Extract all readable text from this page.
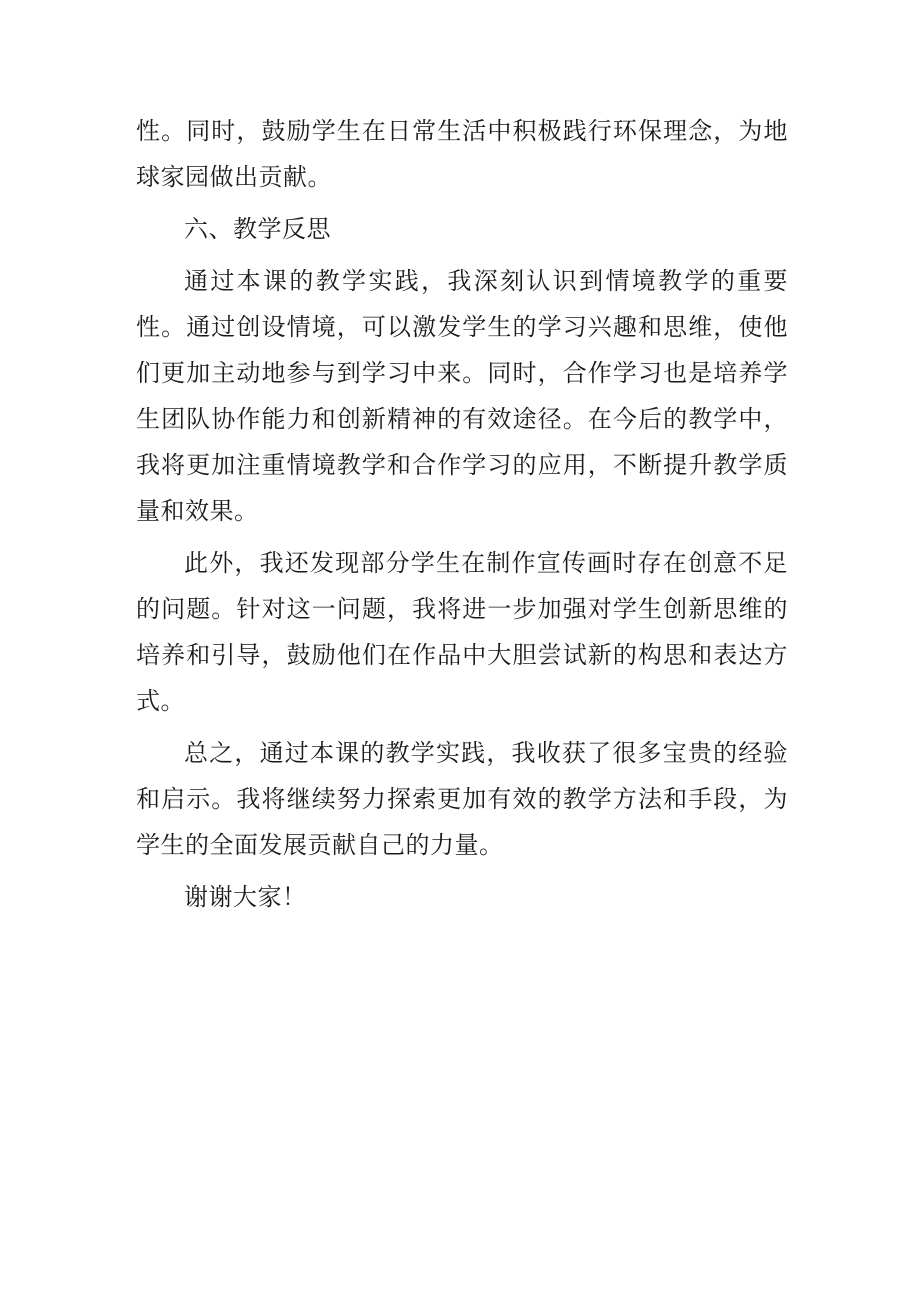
性。同时，鼓励学生在日常生活中积极践行环保理念，为地球家园做出贡献。

六、教学反思

通过本课的教学实践，我深刻认识到情境教学的重要性。通过创设情境，可以激发学生的学习兴趣和思维，使他们更加主动地参与到学习中来。同时，合作学习也是培养学生团队协作能力和创新精神的有效途径。在今后的教学中，我将更加注重情境教学和合作学习的应用，不断提升教学质量和效果。

此外，我还发现部分学生在制作宣传画时存在创意不足的问题。针对这一问题，我将进一步加强对学生创新思维的培养和引导，鼓励他们在作品中大胆尝试新的构思和表达方式。

总之，通过本课的教学实践，我收获了很多宝贵的经验和启示。我将继续努力探索更加有效的教学方法和手段，为学生的全面发展贡献自己的力量。

谢谢大家！
